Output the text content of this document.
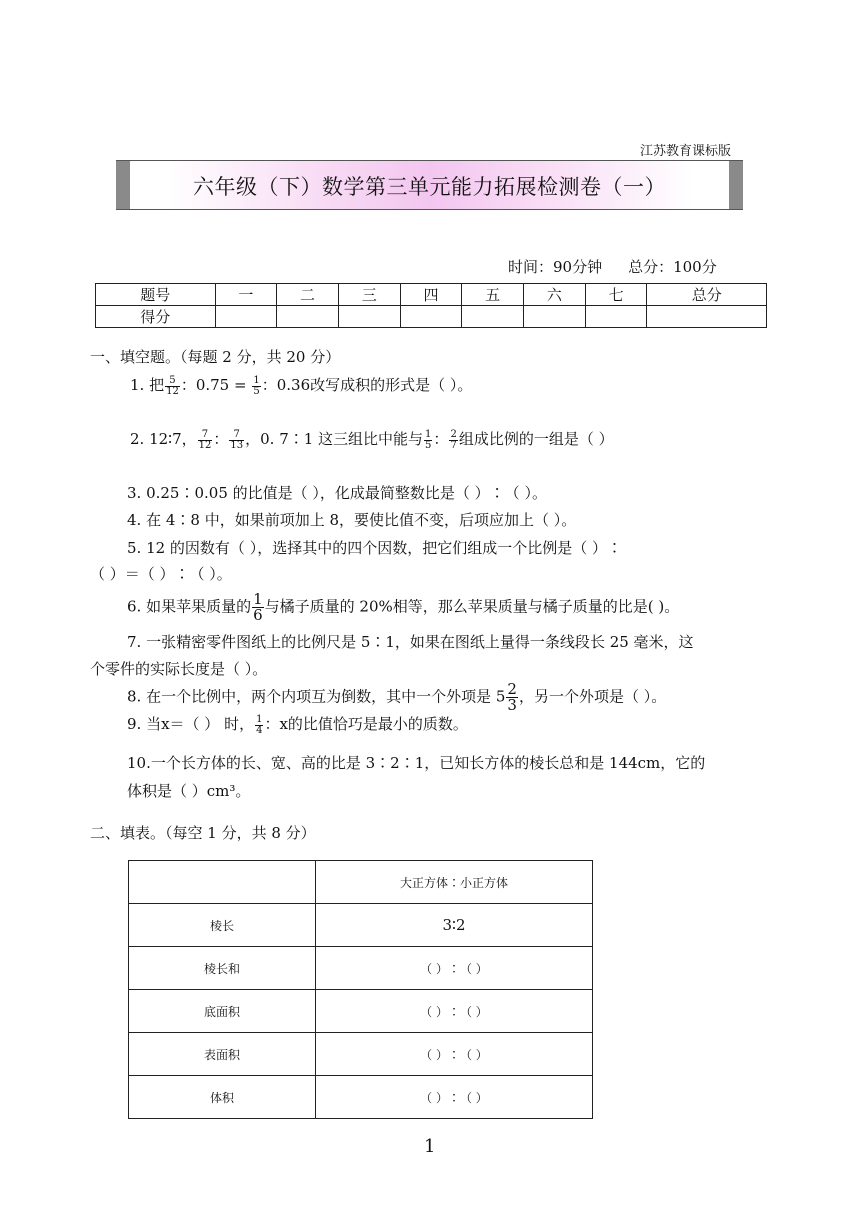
江苏教育课标版
六年级（下）数学第三单元能力拓展检测卷（一）
时间：90分钟 总分：100分
题号	一	二	三	四	五	六	七	总分
得分								
一、填空题。（每题 2 分，共 20 分）
1. 把 $\frac{5}{12}$ ：$0.75 = \frac{1}{5}$ ：0.36改写成积的形式是（ ）。
2. 12∶7， $\frac{7}{12}$ ： $\frac{7}{13}$ ，0. 7∶1 这三组比中能与 $\frac{1}{5}$ ： $\frac{2}{7}$ 组成比例的一组是（ ）
3. 0.25∶0.05 的比值是（ ），化成最简整数比是（ ）∶（ ）。
4. 在 4∶8 中，如果前项加上 8，要使比值不变，后项应加上（ ）。
5. 12 的因数有（ ），选择其中的四个因数，把它们组成一个比例是（ ）∶
（ ）＝（ ）∶（ ）。
6. 如果苹果质量的 $\frac{1}{6}$ 与橘子质量的 20%相等，那么苹果质量与橘子质量的比是( )。
7. 一张精密零件图纸上的比例尺是 5∶1，如果在图纸上量得一条线段长 25 毫米，这
个零件的实际长度是（ ）。
8. 在一个比例中，两个内项互为倒数，其中一个外项是 $5 \frac{2}{3}$ ，另一个外项是（ ）。
9. 当x＝（ ） 时， $\frac{1}{4}$ ：x的比值恰巧是最小的质数。
10.一个长方体的长、宽、高的比是 3∶2∶1，已知长方体的棱长总和是 144cm，它的
体积是（ ）cm³。
二、填表。（每空 1 分，共 8 分）
	大正方体∶小正方体
棱长	3∶2
棱长和	（ ）∶（ ）
底面积	（ ）∶（ ）
表面积	（ ）∶（ ）
体积	（ ）∶（ ）
1
